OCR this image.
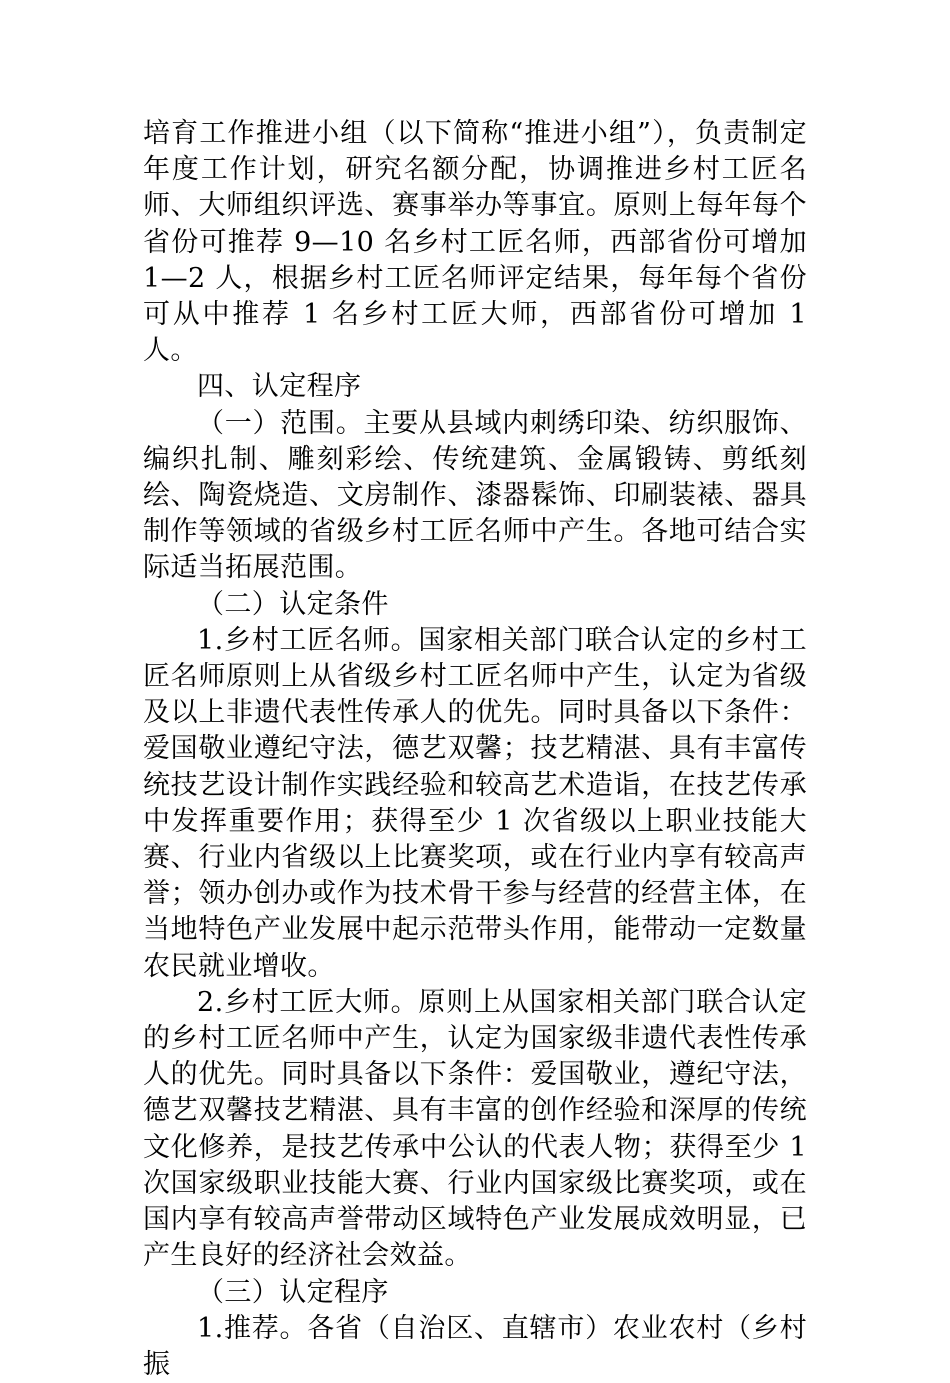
培育工作推进小组（以下简称“推进小组”），负责制定年度工作计划，研究名额分配，协调推进乡村工匠名师、大师组织评选、赛事举办等事宜。原则上每年每个省份可推荐 9—10 名乡村工匠名师，西部省份可增加 1—2 人，根据乡村工匠名师评定结果，每年每个省份可从中推荐 1 名乡村工匠大师，西部省份可增加 1 人。

四、认定程序

（一）范围。主要从县域内刺绣印染、纺织服饰、编织扎制、雕刻彩绘、传统建筑、金属锻铸、剪纸刻绘、陶瓷烧造、文房制作、漆器髹饰、印刷装裱、器具制作等领域的省级乡村工匠名师中产生。各地可结合实际适当拓展范围。

（二）认定条件

1.乡村工匠名师。国家相关部门联合认定的乡村工匠名师原则上从省级乡村工匠名师中产生，认定为省级及以上非遗代表性传承人的优先。同时具备以下条件：爱国敬业遵纪守法，德艺双馨；技艺精湛、具有丰富传统技艺设计制作实践经验和较高艺术造诣，在技艺传承中发挥重要作用；获得至少 1 次省级以上职业技能大赛、行业内省级以上比赛奖项，或在行业内享有较高声誉；领办创办或作为技术骨干参与经营的经营主体，在当地特色产业发展中起示范带头作用，能带动一定数量农民就业增收。

2.乡村工匠大师。原则上从国家相关部门联合认定的乡村工匠名师中产生，认定为国家级非遗代表性传承人的优先。同时具备以下条件：爱国敬业，遵纪守法，德艺双馨技艺精湛、具有丰富的创作经验和深厚的传统文化修养，是技艺传承中公认的代表人物；获得至少 1 次国家级职业技能大赛、行业内国家级比赛奖项，或在国内享有较高声誉带动区域特色产业发展成效明显，已产生良好的经济社会效益。

（三）认定程序

1.推荐。各省（自治区、直辖市）农业农村（乡村振
